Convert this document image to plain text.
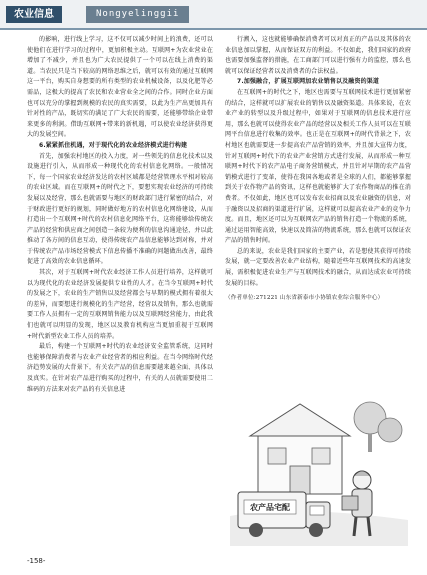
农业信息	Nongyelinggii

的影响，进行线上学习，这不仅可以减少时间上的浪费，还可以使他们在进行学习的过程中，更加积极主动。互联网+为农业营业在增加了不减少，并且也为广大农民提供了一个可以在线上消费的渠道。当农民只是当下较高的网络思维之后，就可以有效的通过互联网这一平台，购买自身想要的所有类型的农业机械设备，以及化肥等必需品，这极大的提高了农民和农业营业全之间的合作。同时企业方面也可以充分的掌握到规模的农民的真实需要，以此为生产出更加具有针对性的产品，既切实的满足了广大农民的需要，还能够带给企业带来更多的利润。借助互联网+带来的新机遇，可以使农业经济获得更大的发展空间。

6.紧紧抓住机遇，对于现代化的农业经济模式进行构建

首先，加强农村地区的投入力度，对一些领先的信息化技术以及设施进行引入，从而形成一种现代化的农村信息化网络。一般情况下，每一个国家农业经济发达的农村区域都是经营管理水平相对较高的农业区域。而在互联网+的时代之下，要想实现农业经济的可持续发展以及经营，那么也就需要与地区的财政部门进行紧密的结合，对于财政进行更好的规划，同时做好地方的农村信息化网络建设，从而打造出一个互联网+时代的农村信息化网络平台，这将能够给传统农产品的经营和供应商之间创造一条较为便利的信息沟通途径，并以此推动了各方间的信息互动，使得传统农产品信息能够达到对称，并对于传统农产品市场经营模式下信息传播不准确的问题做出改善，最终促进了高效的农业信息循环。

其次，对于互联网+时代农业经济工作人员进行培养，这样就可以为现代化的农业经济发展提供专业性的人才。在当今互联网+时代的发展之下，农业的生产销售以及经营都会与早期的模式拥有着很大的差异，而要想进行规模化的生产经营，经营以及销售，那么也就需要工作人员拥有一定的互联网销售能力以及互联网经营能力，由此我们也就可以明显的发现，地区以及教育机构应当更加重视于互联网+时代新型农业工作人员的培养。

最后，构建一个互联网+时代的农业经济安全监管系统，这同时也能够保障消费者与农业产业经营者的相应利益。在当今网络时代经济趋势发展的大背景下，有关农产品的信息需要越来越全面、具体以及真实。在针对农产品进行购买的过程中，有关的人员就需要使用二维码的方法来对农产品的有关信息进

行溯入，这也就能够确保消费者可以对真正的产品以及其体的农业信息加以掌握，从而保证双方的利益。不仅如此，我们国家的政府也需要加强监督的措施，在工商部门可以进行强有力的监控，那么也就可以保证经营者以及消费者的合法权益。

7.加强融合，扩展互联网加农业销售以及融资的渠道

在互联网+的时代之下，地区也需要与互联网技术进行更加紧密的结合，这样就可以扩展农业的销售以及融资渠道。具体来说，在农业产业的转型以及升级过程中，如果对于互联网的信息技术进行应用，那么也就可以使得农业产品的经营以及相关工作人员可以在互联网平台信息进行收集的效率。也正是在互联网+的时代背景之下，农村地区也就需要进一步提高农产品营销的效率，并且加大宣传力度，针对互联网+时代下的农业产业营销方式进行发展，从而形成一种互联网+时代下的农产品电子商务营销模式，并且针对早期的农产品营销模式进行了变革，使得在我国各地或者是全球的人们，都能够掌握到关于农作物产品的资讯，这样也就能够扩大了农作物商品的推在消费者。不仅如此，地区也可以发布农业招商以及农业融资的信息，对于融资以及招商的渠道进行扩展，这样就可以提高农业产业的竞争力度。而且，地区还可以为互联网农产品的销售打造一个物流的系统，通过运用智能高效，快速以及简洁的物流系统，那么也就可以保证农产品的销售时间。

总的来说，农业是我们国家的主要产业，若是想使其获得可持续发展，就一定要改善农业产业结构，随着近些年互联网技术的高速发展，需积极促进农业生产与互联网技术的融合，从而达成农业可持续发展的目标。

（作者单位:271221 山东省新泰市小协镇农业综合服务中心）

农产品宅配
-158-
